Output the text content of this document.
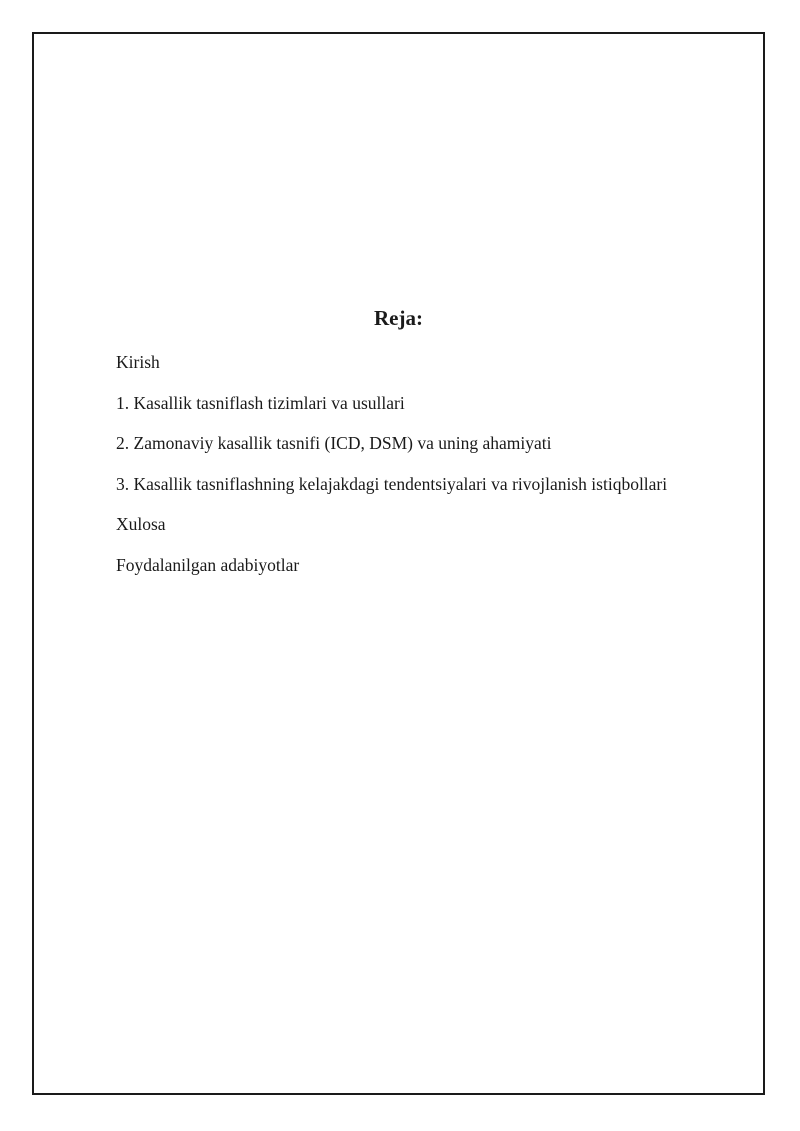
Reja:
Kirish
1. Kasallik tasniflash tizimlari va usullari
2. Zamonaviy kasallik tasnifi (ICD, DSM) va uning ahamiyati
3. Kasallik tasniflashning kelajakdagi tendentsiyalari va rivojlanish istiqbollari
Xulosa
Foydalanilgan adabiyotlar
